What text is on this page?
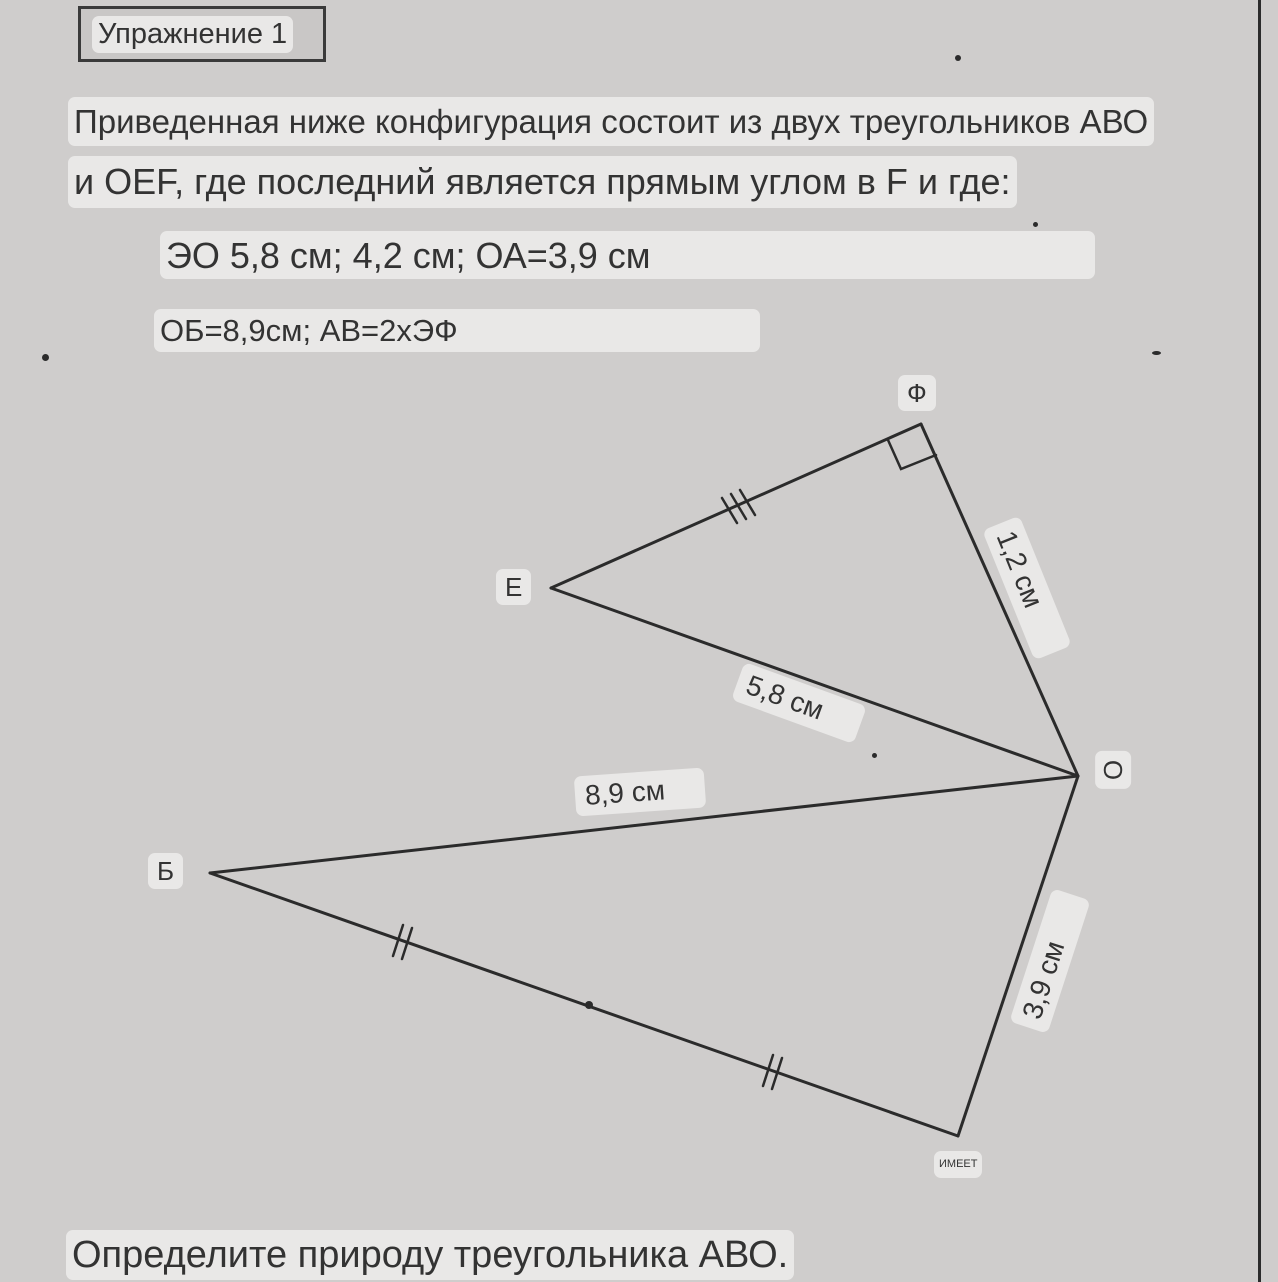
Упражнение 1
Приведенная ниже конфигурация состоит из двух треугольников АВО
и OEF, где последний является прямым углом в F и где:
ЭО 5,8 см; 4,2 см; ОА=3,9 см
ОБ=8,9см; АВ=2хЭФ
Ф
Е
О
Б
ИМЕЕТ
1,2 см
5,8 см
8,9 см
3,9 см
Определите природу треугольника АВО.
